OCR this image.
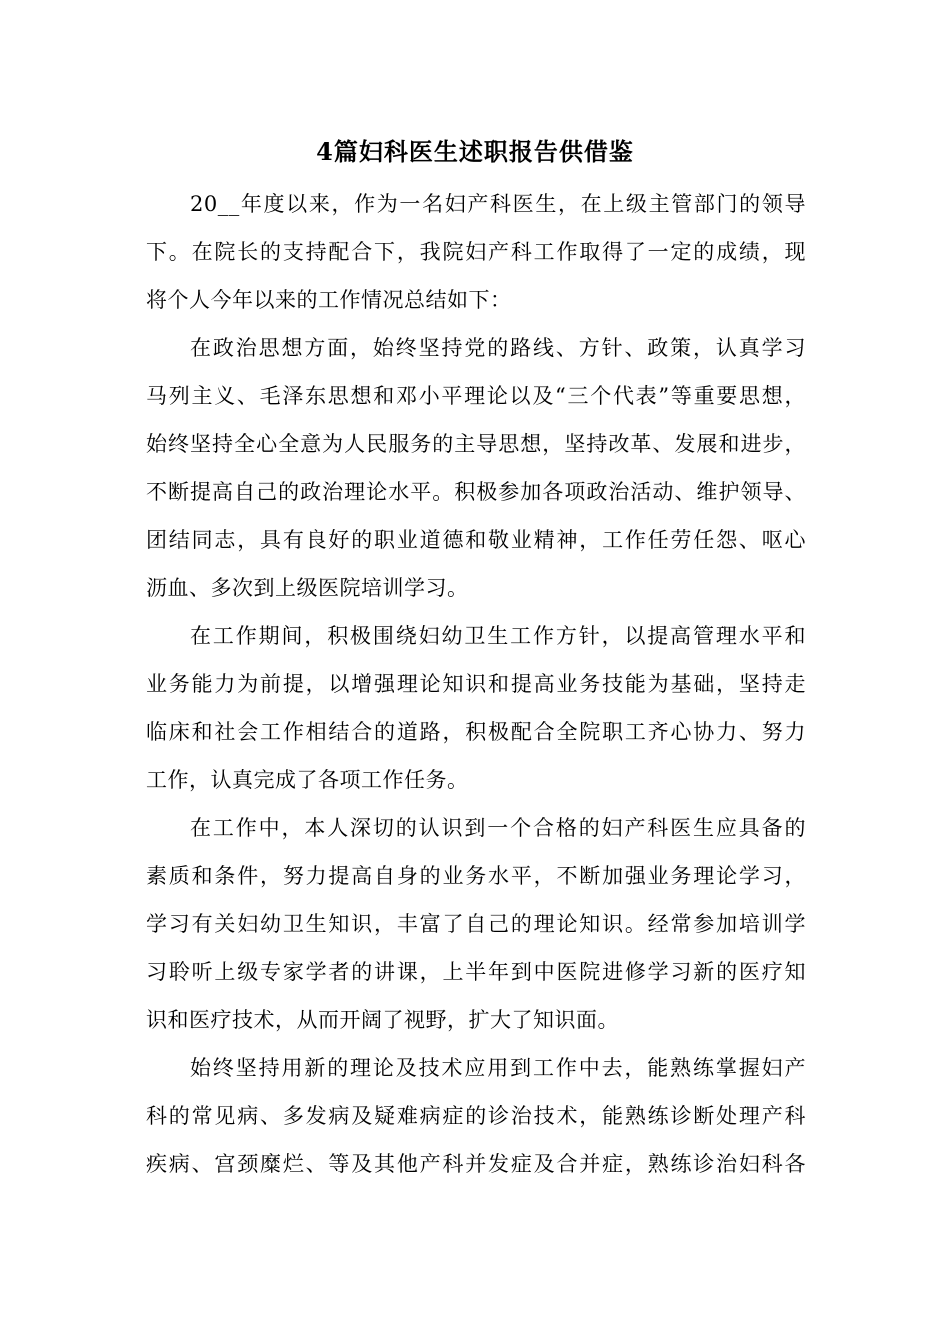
4篇妇科医生述职报告供借鉴
20__年度以来，作为一名妇产科医生，在上级主管部门的领导
下。在院长的支持配合下，我院妇产科工作取得了一定的成绩，现
将个人今年以来的工作情况总结如下：
在政治思想方面，始终坚持党的路线、方针、政策，认真学习
马列主义、毛泽东思想和邓小平理论以及“三个代表”等重要思想，
始终坚持全心全意为人民服务的主导思想，坚持改革、发展和进步，
不断提高自己的政治理论水平。积极参加各项政治活动、维护领导、
团结同志，具有良好的职业道德和敬业精神，工作任劳任怨、呕心
沥血、多次到上级医院培训学习。
在工作期间，积极围绕妇幼卫生工作方针，以提高管理水平和
业务能力为前提，以增强理论知识和提高业务技能为基础，坚持走
临床和社会工作相结合的道路，积极配合全院职工齐心协力、努力
工作，认真完成了各项工作任务。
在工作中，本人深切的认识到一个合格的妇产科医生应具备的
素质和条件，努力提高自身的业务水平，不断加强业务理论学习，
学习有关妇幼卫生知识，丰富了自己的理论知识。经常参加培训学
习聆听上级专家学者的讲课，上半年到中医院进修学习新的医疗知
识和医疗技术，从而开阔了视野，扩大了知识面。
始终坚持用新的理论及技术应用到工作中去，能熟练掌握妇产
科的常见病、多发病及疑难病症的诊治技术，能熟练诊断处理产科
疾病、宫颈糜烂、等及其他产科并发症及合并症，熟练诊治妇科各
